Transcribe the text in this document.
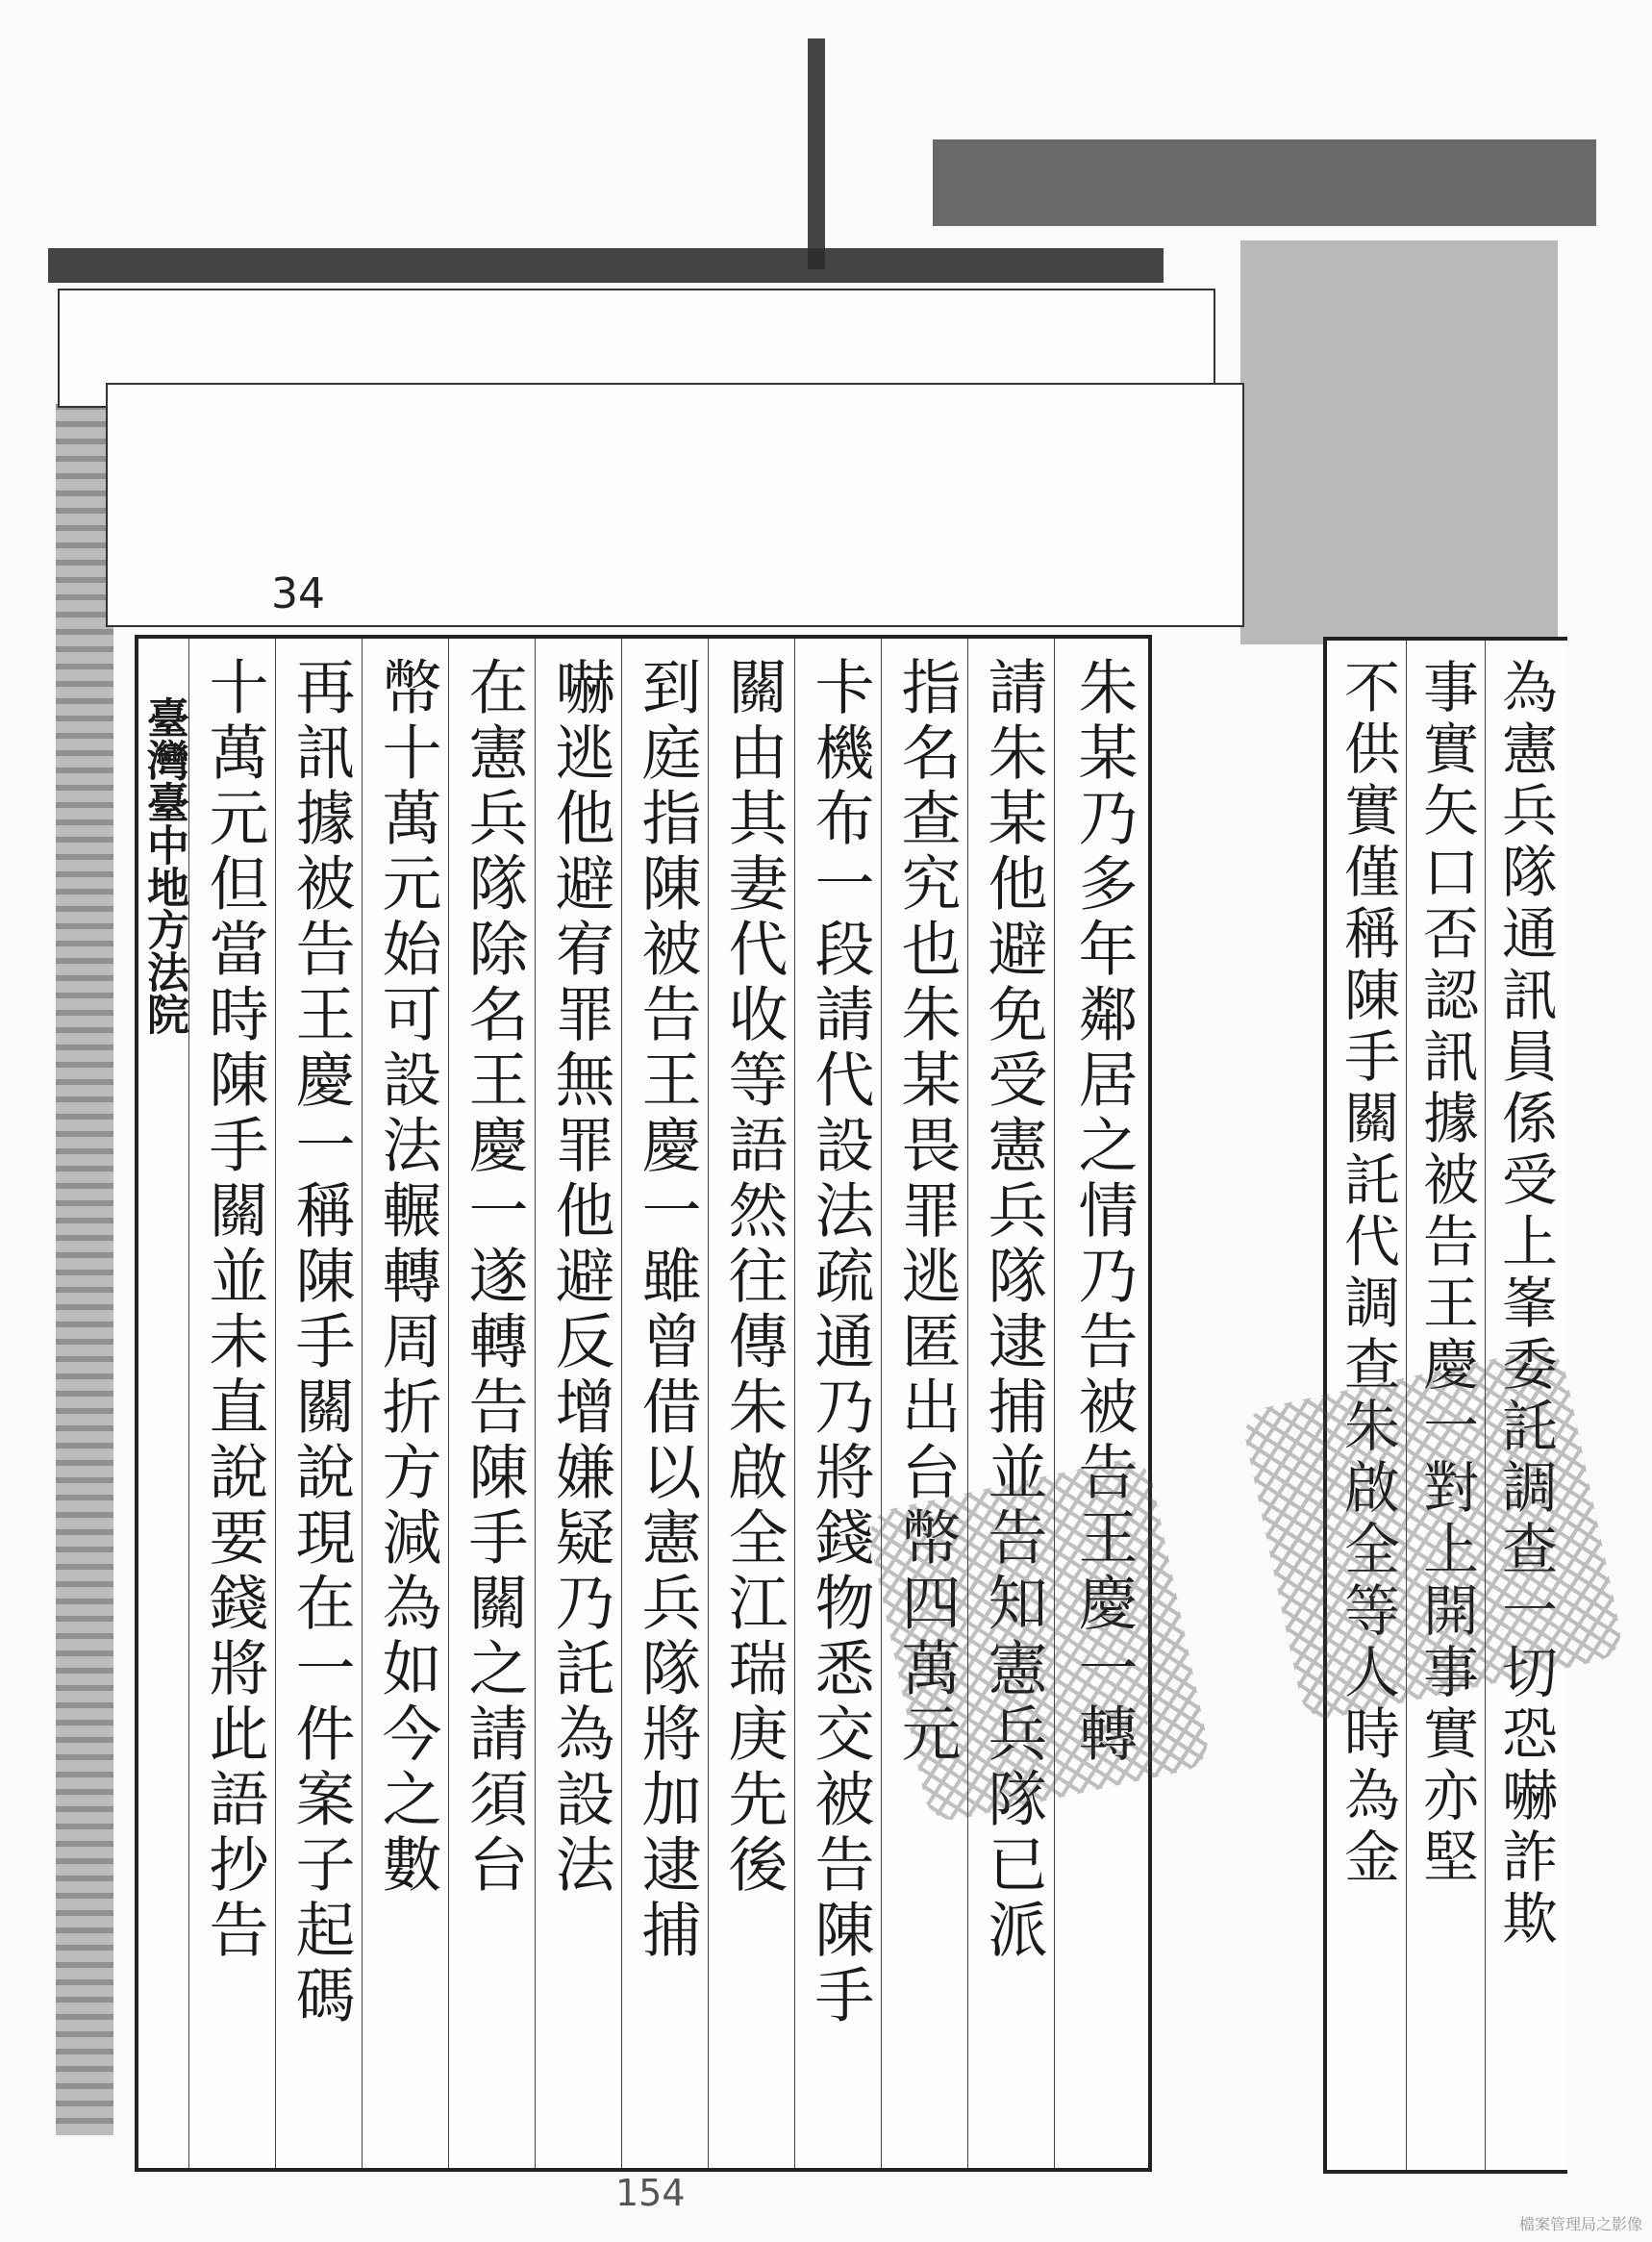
34
臺灣臺中地方法院 十萬元但當時陳手關並未直說要錢將此語抄告 再訊據被告王慶一稱陳手關說現在一件案子起碼 幣十萬元始可設法輾轉周折方減為如今之數 在憲兵隊除名王慶一遂轉告陳手關之請須台 嚇逃他避宥罪無罪他避反增嫌疑乃託為設法 到庭指陳被告王慶一雖曾借以憲兵隊將加逮捕 關由其妻代收等語然往傳朱啟全江瑞庚先後 卡機布一段請代設法疏通乃將錢物悉交被告陳手 指名查究也朱某畏罪逃匿出台幣四萬元 請朱某他避免受憲兵隊逮捕並告知憲兵隊已派 朱某乃多年鄰居之情乃告被告王慶一轉	不供實僅稱陳手關託代調查朱啟全等人時為金 事實矢口否認訊據被告王慶一對上開事實亦堅 為憲兵隊通訊員係受上峯委託調查一切恐嚇詐欺
154
檔案管理局之影像
